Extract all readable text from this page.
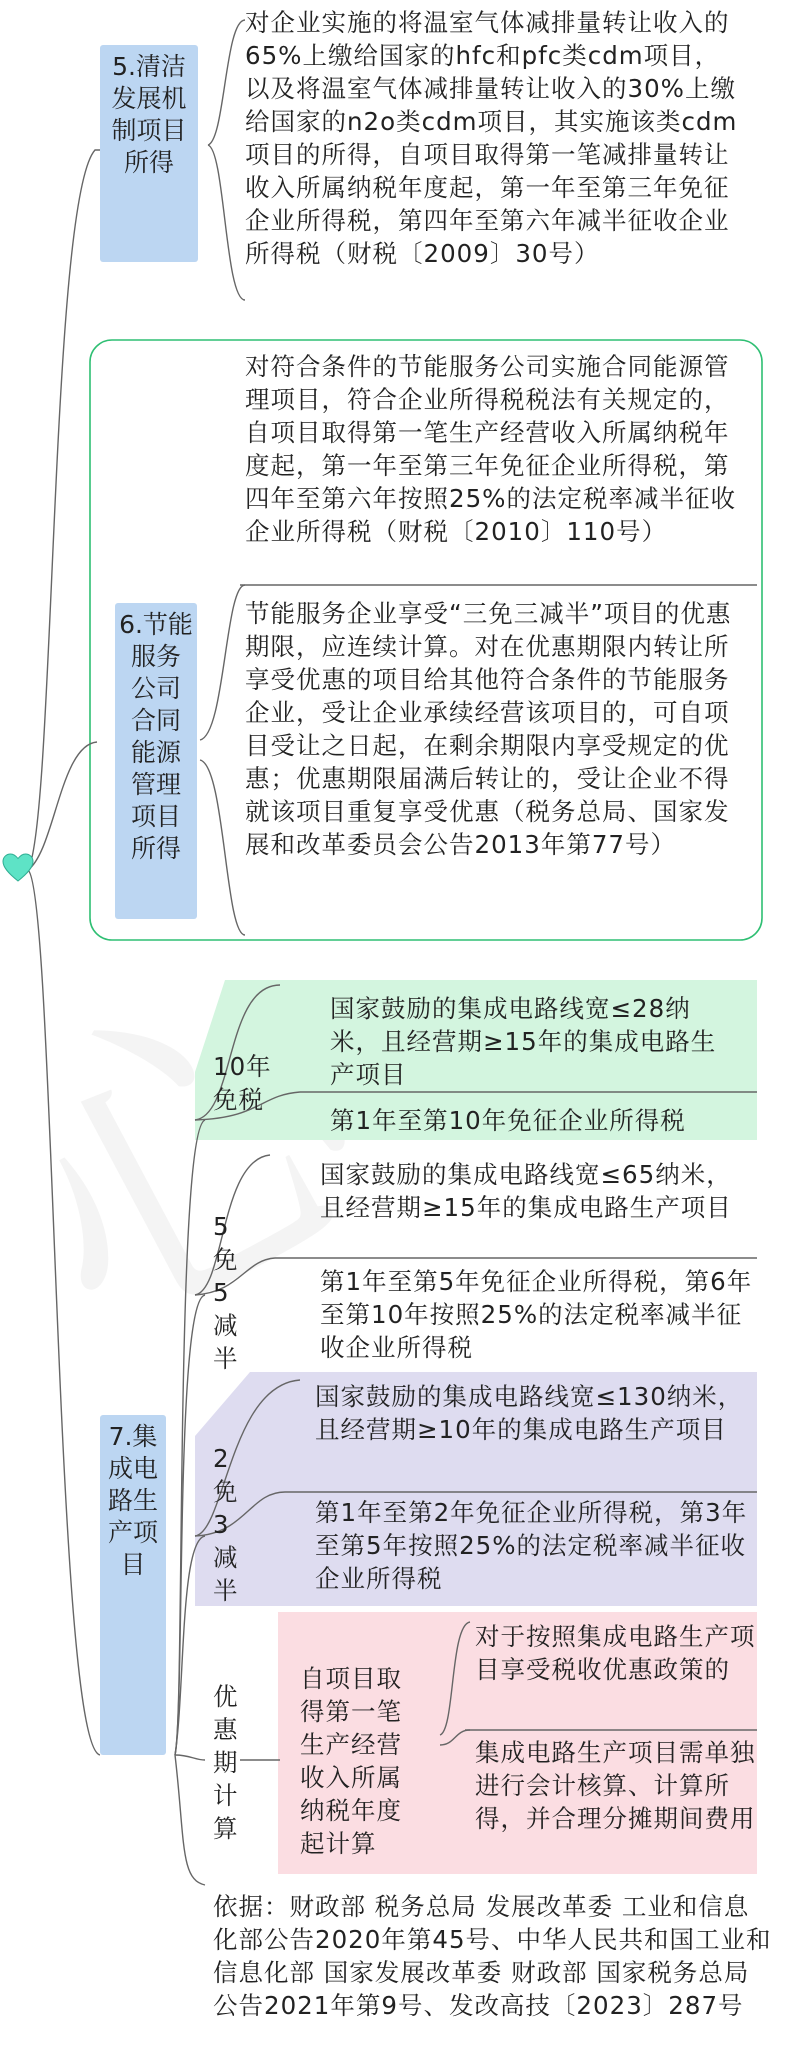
5.清洁发展机制项目所得
对企业实施的将温室气体减排量转让收入的65%上缴给国家的hfc和pfc类cdm项目，以及将温室气体减排量转让收入的30%上缴给国家的n2o类cdm项目，其实施该类cdm项目的所得，自项目取得第一笔减排量转让收入所属纳税年度起，第一年至第三年免征企业所得税，第四年至第六年减半征收企业所得税（财税〔2009〕30号）
6.节能服务公司合同能源管理项目所得
对符合条件的节能服务公司实施合同能源管理项目，符合企业所得税税法有关规定的，自项目取得第一笔生产经营收入所属纳税年度起，第一年至第三年免征企业所得税，第四年至第六年按照25%的法定税率减半征收企业所得税（财税〔2010〕110号）
节能服务企业享受“三免三减半”项目的优惠期限，应连续计算。对在优惠期限内转让所享受优惠的项目给其他符合条件的节能服务企业，受让企业承续经营该项目的，可自项目受让之日起，在剩余期限内享受规定的优惠；优惠期限届满后转让的，受让企业不得就该项目重复享受优惠（税务总局、国家发展和改革委员会公告2013年第77号）
7.集成电路生产项目
10年免税
国家鼓励的集成电路线宽≤28纳米，且经营期≥15年的集成电路生产项目
第1年至第10年免征企业所得税
5免5减半
国家鼓励的集成电路线宽≤65纳米，且经营期≥15年的集成电路生产项目
第1年至第5年免征企业所得税，第6年至第10年按照25%的法定税率减半征收企业所得税
2免3减半
国家鼓励的集成电路线宽≤130纳米，且经营期≥10年的集成电路生产项目
第1年至第2年免征企业所得税，第3年至第5年按照25%的法定税率减半征收企业所得税
优惠期计算
自项目取得第一笔生产经营收入所属纳税年度起计算
对于按照集成电路生产项目享受税收优惠政策的
集成电路生产项目需单独进行会计核算、计算所得，并合理分摊期间费用
依据：财政部 税务总局 发展改革委 工业和信息化部公告2020年第45号、中华人民共和国工业和信息化部 国家发展改革委 财政部 国家税务总局公告2021年第9号、发改高技〔2023〕287号
